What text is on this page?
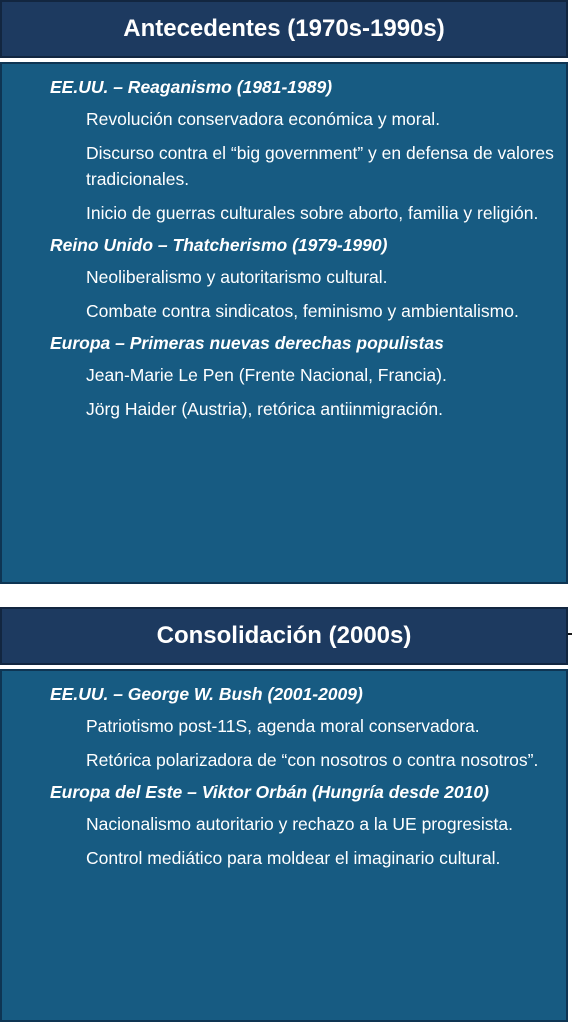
Antecedentes (1970s-1990s)
EE.UU. – Reaganismo (1981-1989)
Revolución conservadora económica y moral.
Discurso contra el “big government” y en defensa de valores tradicionales.
Inicio de guerras culturales sobre aborto, familia y religión.
Reino Unido – Thatcherismo (1979-1990)
Neoliberalismo y autoritarismo cultural.
Combate contra sindicatos, feminismo y ambientalismo.
Europa – Primeras nuevas derechas populistas
Jean-Marie Le Pen (Frente Nacional, Francia).
Jörg Haider (Austria), retórica antiinmigración.
Consolidación (2000s)
EE.UU. – George W. Bush (2001-2009)
Patriotismo post-11S, agenda moral conservadora.
Retórica polarizadora de “con nosotros o contra nosotros”.
Europa del Este – Viktor Orbán (Hungría desde 2010)
Nacionalismo autoritario y rechazo a la UE progresista.
Control mediático para moldear el imaginario cultural.
